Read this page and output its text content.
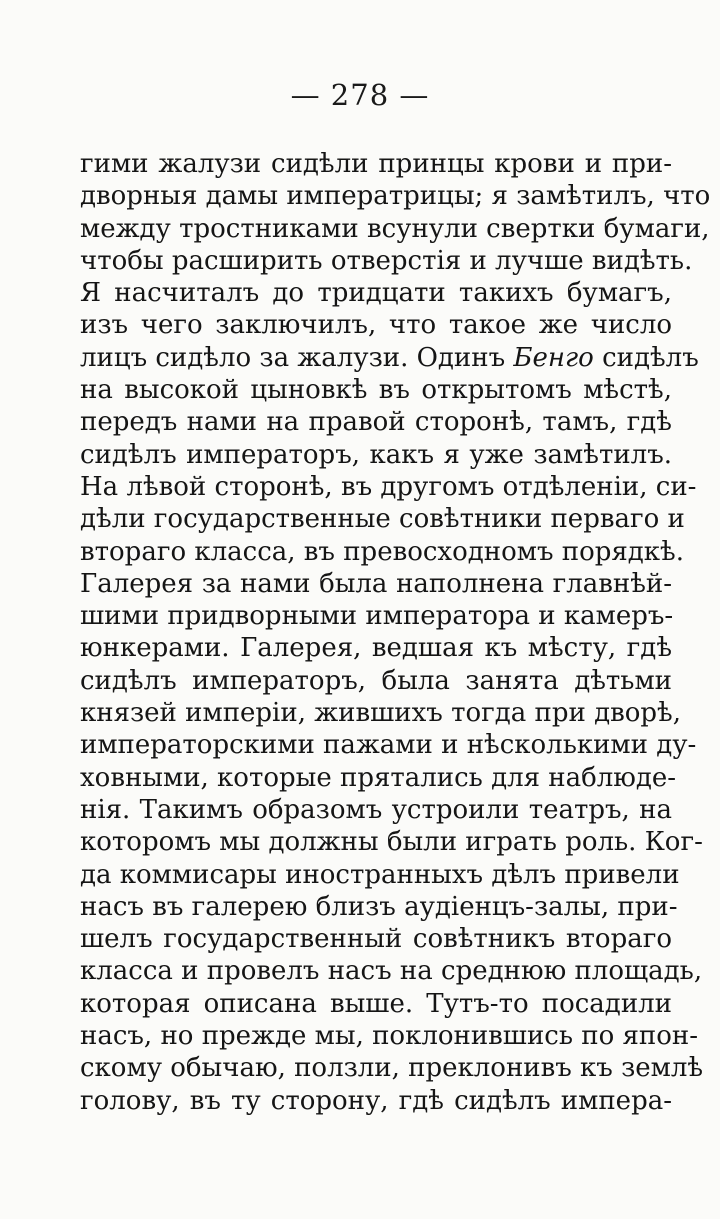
— 278 —
гими жалузи сидѣли принцы крови и при-
дворныя дамы императрицы; я замѣтилъ, что
между тростниками всунули свертки бумаги,
чтобы расширить отверстія и лучше видѣть.
Я насчиталъ до тридцати такихъ бумагъ,
изъ чего заключилъ, что такое же число
лицъ сидѣло за жалузи. Одинъ Бенго сидѣлъ
на высокой цыновкѣ въ открытомъ мѣстѣ,
передъ нами на правой сторонѣ, тамъ, гдѣ
сидѣлъ императоръ, какъ я уже замѣтилъ.
На лѣвой сторонѣ, въ другомъ отдѣленіи, си-
дѣли государственные совѣтники перваго и
втораго класса, въ превосходномъ порядкѣ.
Галерея за нами была наполнена главнѣй-
шими придворными императора и камеръ-
юнкерами. Галерея, ведшая къ мѣсту, гдѣ
сидѣлъ императоръ, была занята дѣтьми
князей имперіи, жившихъ тогда при дворѣ,
императорскими пажами и нѣсколькими ду-
ховными, которые прятались для наблюде-
нія. Такимъ образомъ устроили театръ, на
которомъ мы должны были играть роль. Ког-
да коммисары иностранныхъ дѣлъ привели
насъ въ галерею близъ аудіенцъ-залы, при-
шелъ государственный совѣтникъ втораго
класса и провелъ насъ на среднюю площадь,
которая описана выше. Тутъ-то посадили
насъ, но прежде мы, поклонившись по япон-
скому обычаю, ползли, преклонивъ къ землѣ
голову, въ ту сторону, гдѣ сидѣлъ импера-
